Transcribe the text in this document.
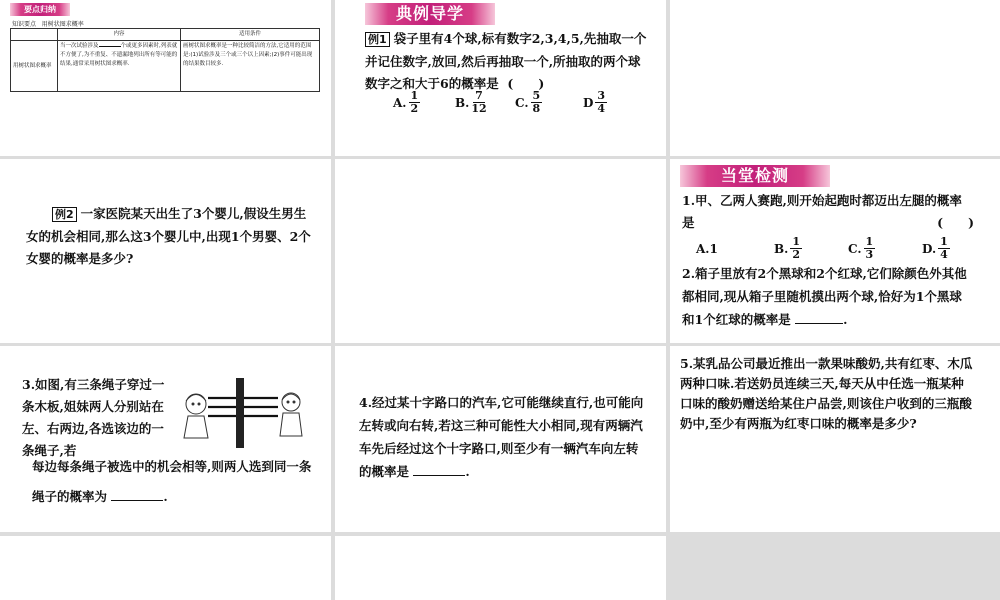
要点归纳
知识要点 用树状图求概率
	内容	适用条件
用树状图求概率	当一次试验涉及 个或更多因素时,列表就不方便了,为不重复、不遗漏地列出所有等可能的结果,通常采用树状图求概率.	画树状图求概率是一种比较简洁的方法,它适用的范围是:(1)试验涉及三个或三个以上因素;(2)事件可能出现的结果数目较多.
典例导学
例1 袋子里有4个球,标有数字2,3,4,5,先抽取一个并记住数字,放回,然后再抽取一个,所抽取的两个球数字之和大于6的概率是 (　　)
A. $\frac{1}{2}$	B. $\frac{7}{12} C$. $\frac{5}{8}$	D $\frac{3}{4}$
例2 一家医院某天出生了3个婴儿,假设生男生女的机会相同,那么这3个婴儿中,出现1个男婴、2个女婴的概率是多少?
当堂检测
1.甲、乙两人赛跑,则开始起跑时都迈出左腿的概率是	(　　)
A.1	B. $\frac{1}{2}$	C. $\frac{1}{3}$	D. $\frac{1}{4}$
2.箱子里放有2个黑球和2个红球,它们除颜色外其他都相同,现从箱子里随机摸出两个球,恰好为1个黑球和1个红球的概率是	.
3.如图,有三条绳子穿过一条木板,姐妹两人分别站在左、右两边,各选该边的一条绳子,若
每边每条绳子被选中的机会相等,则两人选到同一条绳子的概率为	.
4.经过某十字路口的汽车,它可能继续直行,也可能向左转或向右转,若这三种可能性大小相同,现有两辆汽车先后经过这个十字路口,则至少有一辆汽车向左转的概率是	.
5.某乳品公司最近推出一款果味酸奶,共有红枣、木瓜两种口味.若送奶员连续三天,每天从中任选一瓶某种口味的酸奶赠送给某住户品尝,则该住户收到的三瓶酸奶中,至少有两瓶为红枣口味的概率是多少?
